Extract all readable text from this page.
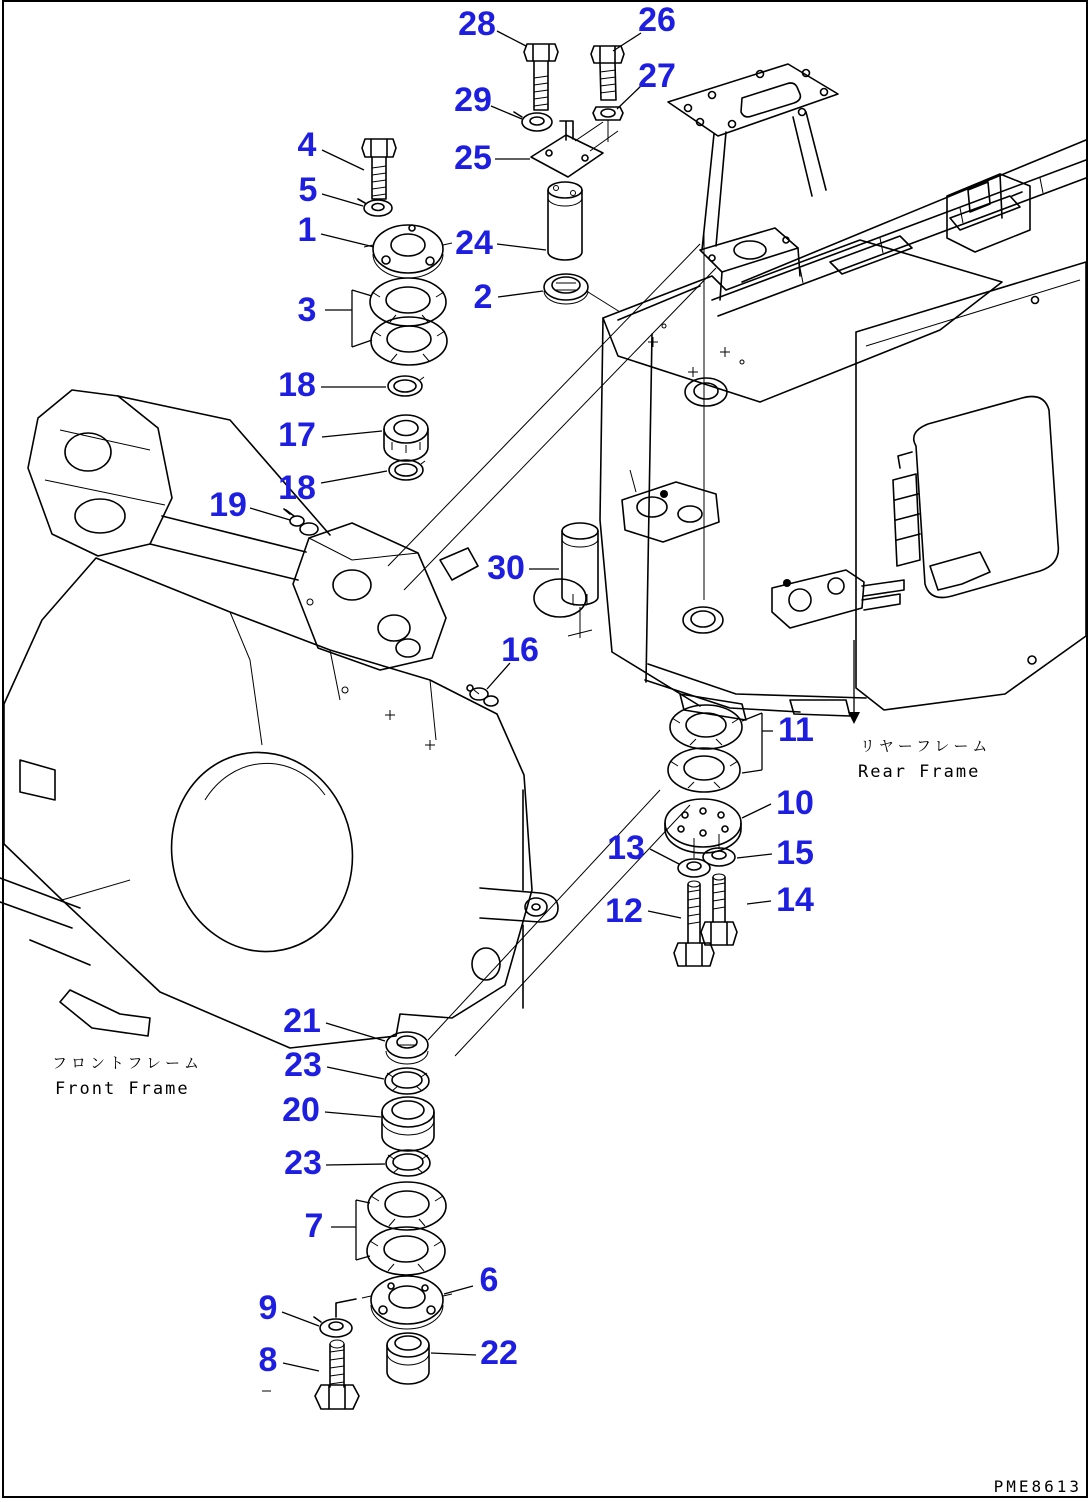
28	26
27
29
25
4
5
1	24
2
3
18
17
18
19
30
16
11
10
13	15
12	14
21
23
20
23
7
6
9
8	22
リヤーフレーム
Rear Frame
フロントフレーム
Front Frame
PME8613
